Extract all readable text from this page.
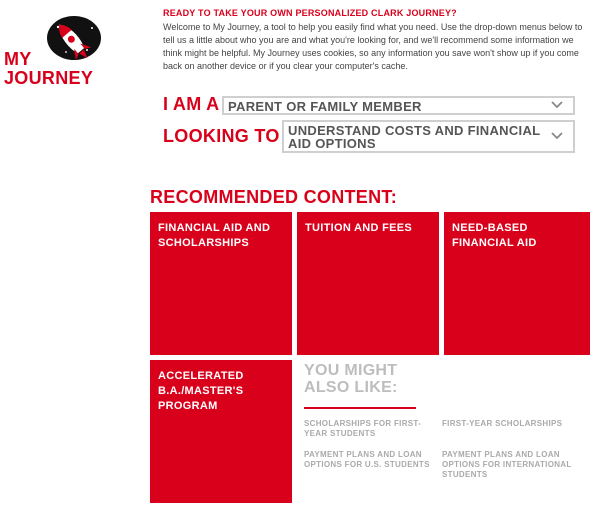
MY
JOURNEY
READY TO TAKE YOUR OWN PERSONALIZED CLARK JOURNEY?
Welcome to My Journey, a tool to help you easily find what you need. Use the drop-down menus below to tell us a little about who you are and what you're looking for, and we'll recommend some information we think might be helpful. My Journey uses cookies, so any information you save won't show up if you come back on another device or if you clear your computer's cache.
I AM A PARENT OR FAMILY MEMBER
LOOKING TO UNDERSTAND COSTS AND FINANCIAL AID OPTIONS
RECOMMENDED CONTENT:
FINANCIAL AID AND SCHOLARSHIPS
TUITION AND FEES	NEED-BASED FINANCIAL AID
ACCELERATED B.A./MASTER'S PROGRAM
YOU MIGHT ALSO LIKE:
SCHOLARSHIPS FOR FIRST-YEAR STUDENTS
FIRST-YEAR SCHOLARSHIPS
PAYMENT PLANS AND LOAN OPTIONS FOR U.S. STUDENTS
PAYMENT PLANS AND LOAN OPTIONS FOR INTERNATIONAL STUDENTS
